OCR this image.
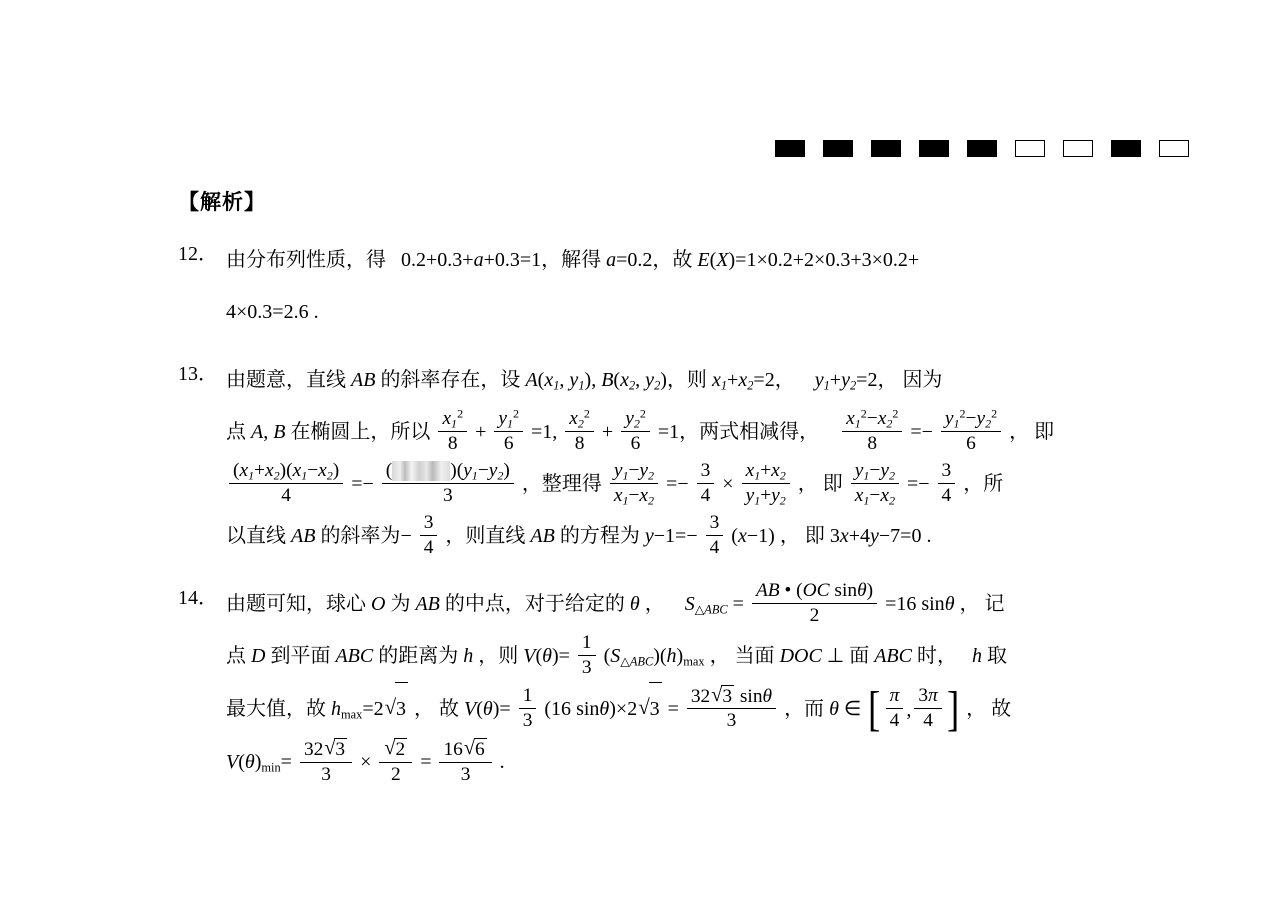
【解析】
12． 由分布列性质，得 0.2+0.3+a+0.3=1，解得 a=0.2，故 E(X)=1×0.2+2×0.3+3×0.2+
4×0.3=2.6 .
13． 由题意，直线 AB 的斜率存在，设 $A(x_1$, $y_1$), $B(x_2$, $y_2$)，则 $x_1+x_2=2$， $y_1+y_2=2$， 因为
点 A, B 在椭圆上，所以 $\frac{x_1^2}{8} + \frac{y_1^2}{6} =1$, $\frac{x_2^2}{8} + \frac{y_2^2}{6} =1$，两式相减得， $\frac{x_1^2-x_2^2}{8} =- \frac{y_1^2-y_2^2}{6}$ ， 即

$\frac{(x_1+x_2)(x_1-x_2)}{4}$ =− (	)$(y_1-y_2)$
3 ，整理得 $\frac{y_1-y_2}{x_1-x_2} =- \frac{3}{4} \times \frac{x_1+x_2}{y_1+y_2}$ ， 即 $\frac{y_1-y_2}{x_1-x_2} =- \frac{3}{4}$ ，所
以直线 AB 的斜率为− $\frac{3}{4}$ ，则直线 AB 的方程为 $y-1=- \frac{3}{4} (x-1)$ ， 即 3x+4y−7=0 .
14． 由题可知，球心 O 为 AB 的中点，对于给定的 θ ， $S_{\triangle ABC} = \frac{\text{AB • (OC sinθ)}}{2} =16$ sinθ ， 记
点 D 到平面 ABC 的距离为 h ，则 $V(\theta)= \frac{1}{3} (S_{\triangle ABC})(h)_{max}$ ， 当面 DOC ⊥ 面 ABC 时， h 取
最大值，故 $h_{max}=2$ √ 3 ， 故 $V(\theta)= \frac{1}{3} (16$ sinθ)×2 √ $3 = \frac{32 √ 3 \sin\theta}{3}$ ，而 θ ∈ [ $\frac{\pi}{4}$ , $\frac{3\pi}{4}$ ] ， 故
$V(\theta)_{min}= \frac{32 √ 3}{3}$ × √ $\frac{2}{2} = \frac{16 √ 6}{3}$ .
